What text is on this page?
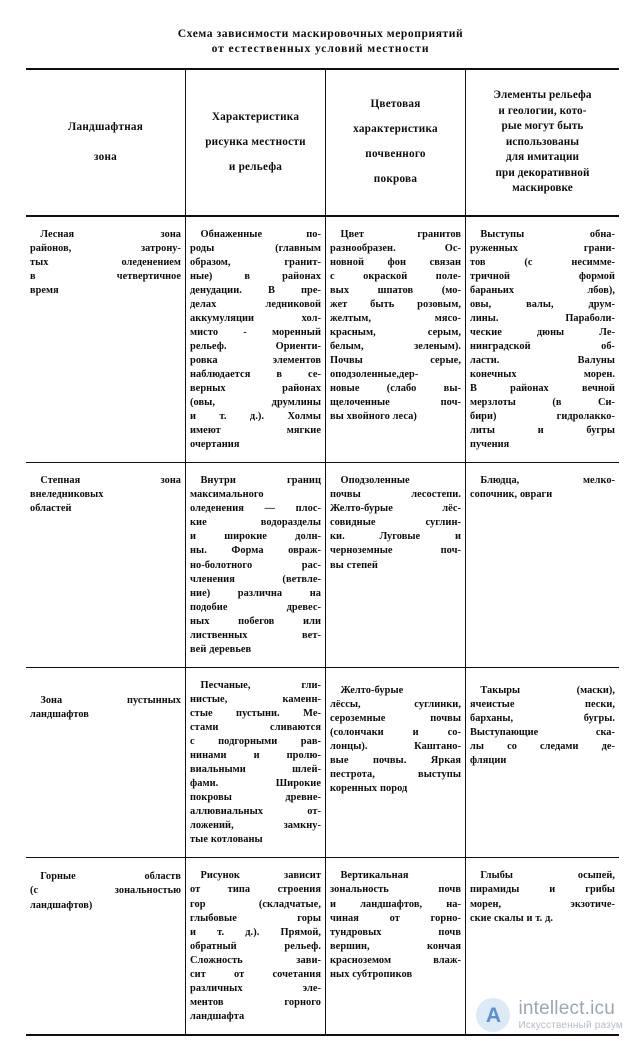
Схема зависимости маскировочных мероприятий
от естественных условий местности
Ландшафтная
зона
Характеристика
рисунка местности
и рельефа
Цветовая
характеристика
почвенного
покрова
Элементы рельефа
и геологии, кото-
рые могут быть
использованы
для имитации
при декоративной
маскировке
 Лесная зона
районов, затрону-
тых оледенением
в четвертичное
время
 Обнаженные по-
роды (главным
образом, гранит-
ные) в районах
денудации. В пре-
делах ледниковой
аккумуляции хол-
мисто - моренный
рельеф. Ориенти-
ровка элементов
наблюдается в се-
верных районах
(овы, друмлины
и т. д.). Холмы
имеют мягкие
очертания
 Цвет гранитов
разнообразен. Ос-
новной фон связан
с окраской поле-
вых шпатов (мо-
жет быть розовым,
желтым, мясо-
красным, серым,
белым, зеленым).
Почвы серые,
оподзоленные,дер-
новые (слабо вы-
щелоченные поч-
вы хвойного леса)
 Выступы обна-
руженных грани-
тов (с несимме-
тричной формой
бараньих лбов),
овы, валы, друм-
лины. Параболи-
ческие дюны Ле-
нинградской об-
ласти. Валуны
конечных морен.
В районах вечной
мерзлоты (в Си-
бири) гидролакко-
литы и бугры
пучения
 Степная зона
внеледниковых
областей
 Внутри границ
максимального
оледенения — плос-
кие водоразделы
и широкие долн-
ны. Форма овраж-
но-болотного рас-
членения (ветвле-
ние) различна на
подобие древес-
ных побегов или
лиственных вет-
вей деревьев
 Оподзоленные
почвы лесостепи.
Желто-бурые лёс-
совидные суглин-
ки. Луговые и
черноземные поч-
вы степей
 Блюдца, мелко-
сопочник, овраги
 Зона пустынных
ландшафтов
 Песчаные, гли-
нистые, каменн-
стые пустыни. Ме-
стами сливаются
с подгорными рав-
нинами и пролю-
виальными шлей-
фами. Широкие
покровы древне-
аллювиальных от-
ложений, замкну-
тые котлованы
 Желто-бурые
лёссы, суглинки,
сероземные почвы
(солончаки и со-
лонцы). Каштано-
вые почвы. Яркая
пестрота, выступы
коренных пород
 Такыры (маски),
ячеистые пески,
барханы, бугры.
Выступающие ска-
лы со следами де-
фляции
 Горные областв
(с зональностью
ландшафтов)
 Рисунок зависит
от типа строения
гор (складчатые,
глыбовые горы
и т. д.). Прямой,
обратный рельеф.
Сложность зави-
сит от сочетания
различных эле-
ментов горного
ландшафта
 Вертикальная
зональность почв
и ландшафтов, на-
чиная от горно-
тундровых почв
вершин, кончая
красноземом влаж-
ных субтропиков
 Глыбы осыпей,
пирамиды и грибы
морен, экзотиче-
ские скалы и т. д.
A intellect.icu
Искусственный разум
